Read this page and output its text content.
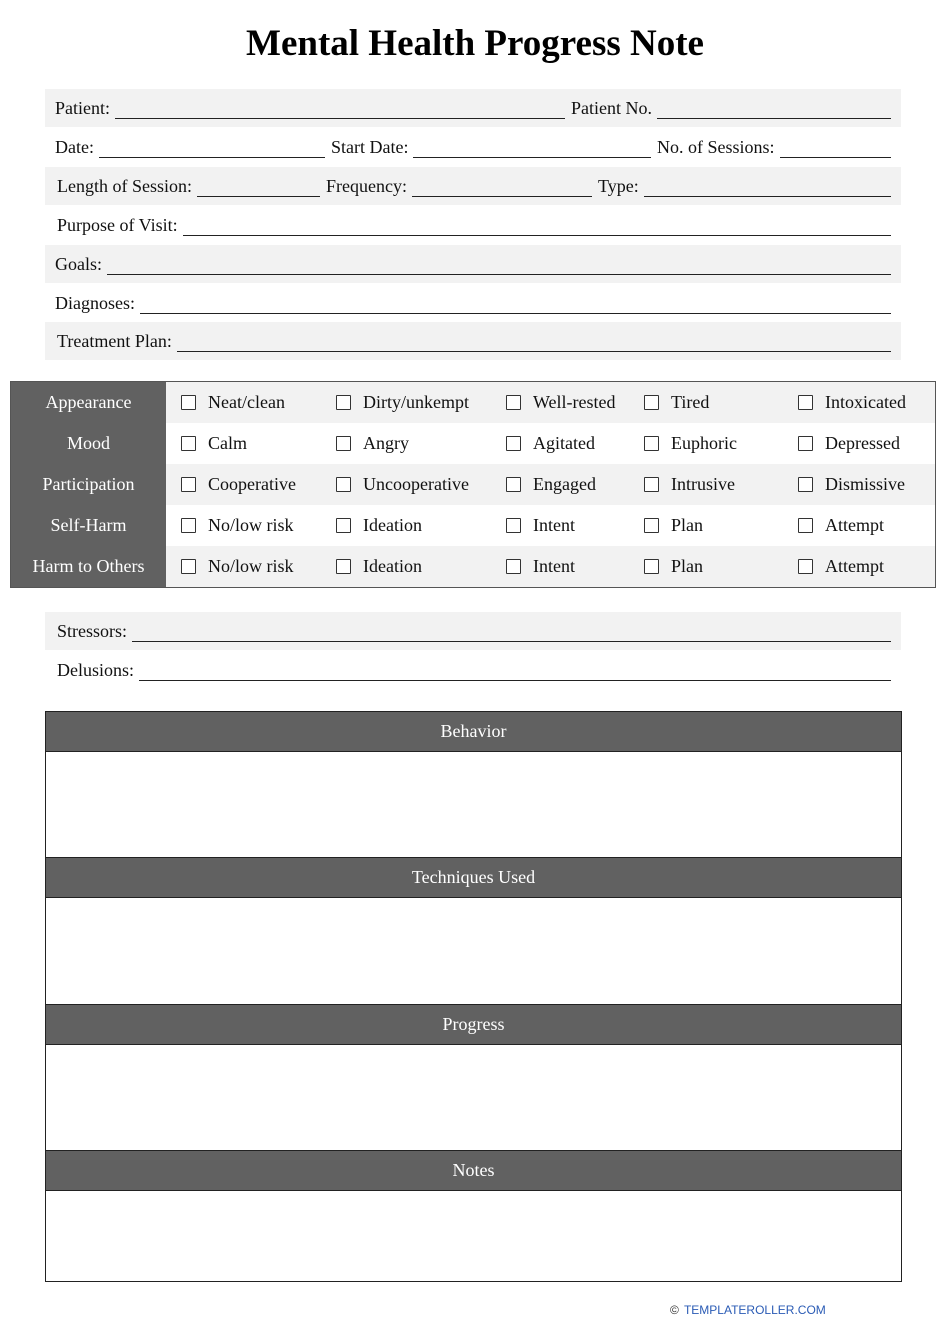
Mental Health Progress Note
Patient:	Patient No.
Date:	Start Date:	No. of Sessions:
Length of Session:	Frequency:	Type:
Purpose of Visit:
Goals:
Diagnoses:
Treatment Plan:
Appearance	Neat/clean	Dirty/unkempt	Well-rested	Tired	Intoxicated
Mood	Calm	Angry	Agitated	Euphoric	Depressed
Participation	Cooperative	Uncooperative	Engaged	Intrusive	Dismissive
Self-Harm	No/low risk	Ideation	Intent	Plan	Attempt
Harm to Others	No/low risk	Ideation	Intent	Plan	Attempt
Stressors:
Delusions:
Behavior
Techniques Used
Progress
Notes
© TEMPLATEROLLER.COM
